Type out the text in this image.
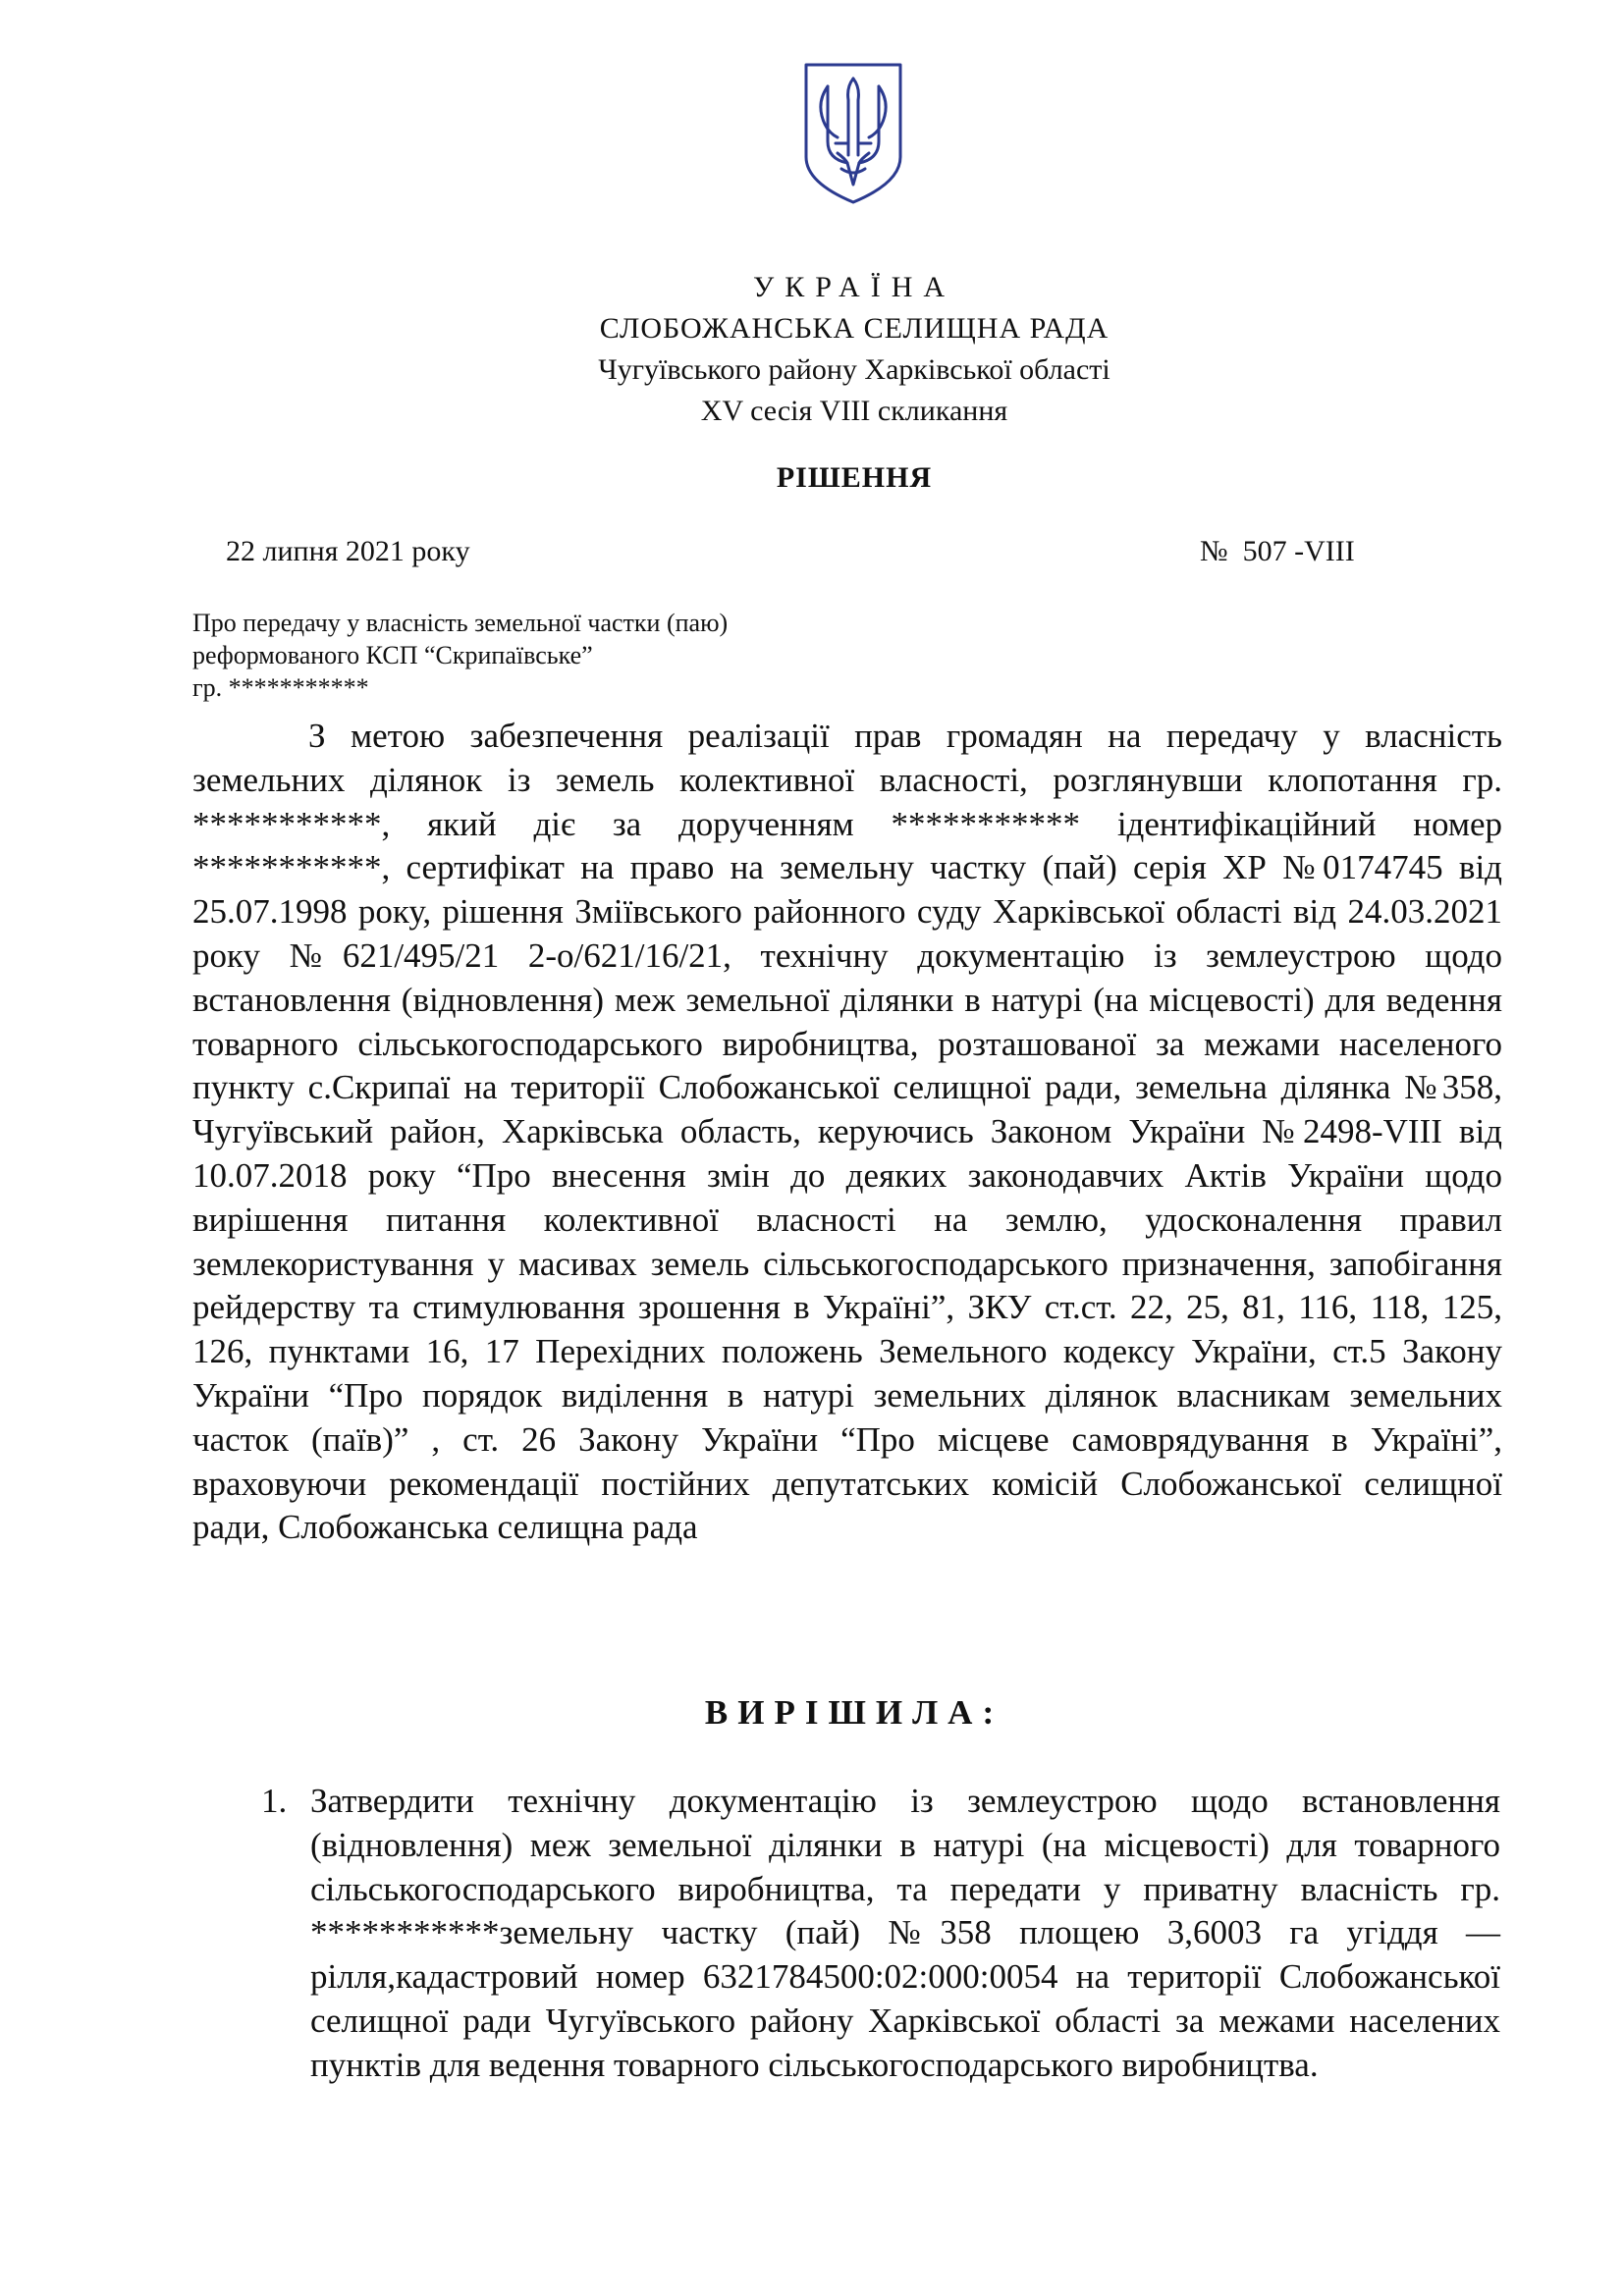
УКРАЇНА
СЛОБОЖАНСЬКА СЕЛИЩНА РАДА
Чугуївського району Харківської області
XV сесія VIII скликання
РІШЕННЯ
22 липня 2021 року	№  507 -VIII
Про передачу у власність земельної частки (паю)
реформованого КСП “Скрипаївське”
гр. ***********

З метою забезпечення реалізації прав громадян на передачу у власність земельних ділянок із земель колективної власності, розглянувши клопотання гр. ***********, який діє за дорученням *********** ідентифікаційний номер ***********, сертифікат на право на земельну частку (пай) серія ХР №0174745 від 25.07.1998 року, рішення Зміївського районного суду Харківської області від 24.03.2021 року №621/495/21 2-о/621/16/21, технічну документацію із землеустрою щодо встановлення (відновлення) меж земельної ділянки в натурі (на місцевості) для ведення товарного сільськогосподарського виробництва, розташованої за межами населеного пункту с.Скрипаї на території Слобожанської селищної ради, земельна ділянка №358, Чугуївський район, Харківська область, керуючись Законом України №2498-VIII від 10.07.2018 року “Про внесення змін до деяких законодавчих Актів України щодо вирішення питання колективної власності на землю, удосконалення правил землекористування у масивах земель сільськогосподарського призначення, запобігання рейдерству та стимулювання зрошення в Україні”, ЗКУ ст.ст. 22, 25, 81, 116, 118, 125, 126, пунктами 16, 17 Перехідних положень Земельного кодексу України, ст.5 Закону України “Про порядок виділення в натурі земельних ділянок власникам земельних часток (паїв)” , ст. 26 Закону України “Про місцеве самоврядування в Україні”, враховуючи рекомендації постійних депутатських комісій Слобожанської селищної ради, Слобожанська селищна рада

ВИРІШИЛА:
1. Затвердити технічну документацію із землеустрою щодо встановлення (відновлення) меж земельної ділянки в натурі (на місцевості) для товарного сільськогосподарського виробництва, та передати у приватну власність гр. ***********земельну частку (пай) №358 площею 3,6003 га угіддя — рілля,кадастровий номер 6321784500:02:000:0054 на території Слобожанської селищної ради Чугуївського району Харківської області за межами населених пунктів для ведення товарного сільськогосподарського виробництва.
